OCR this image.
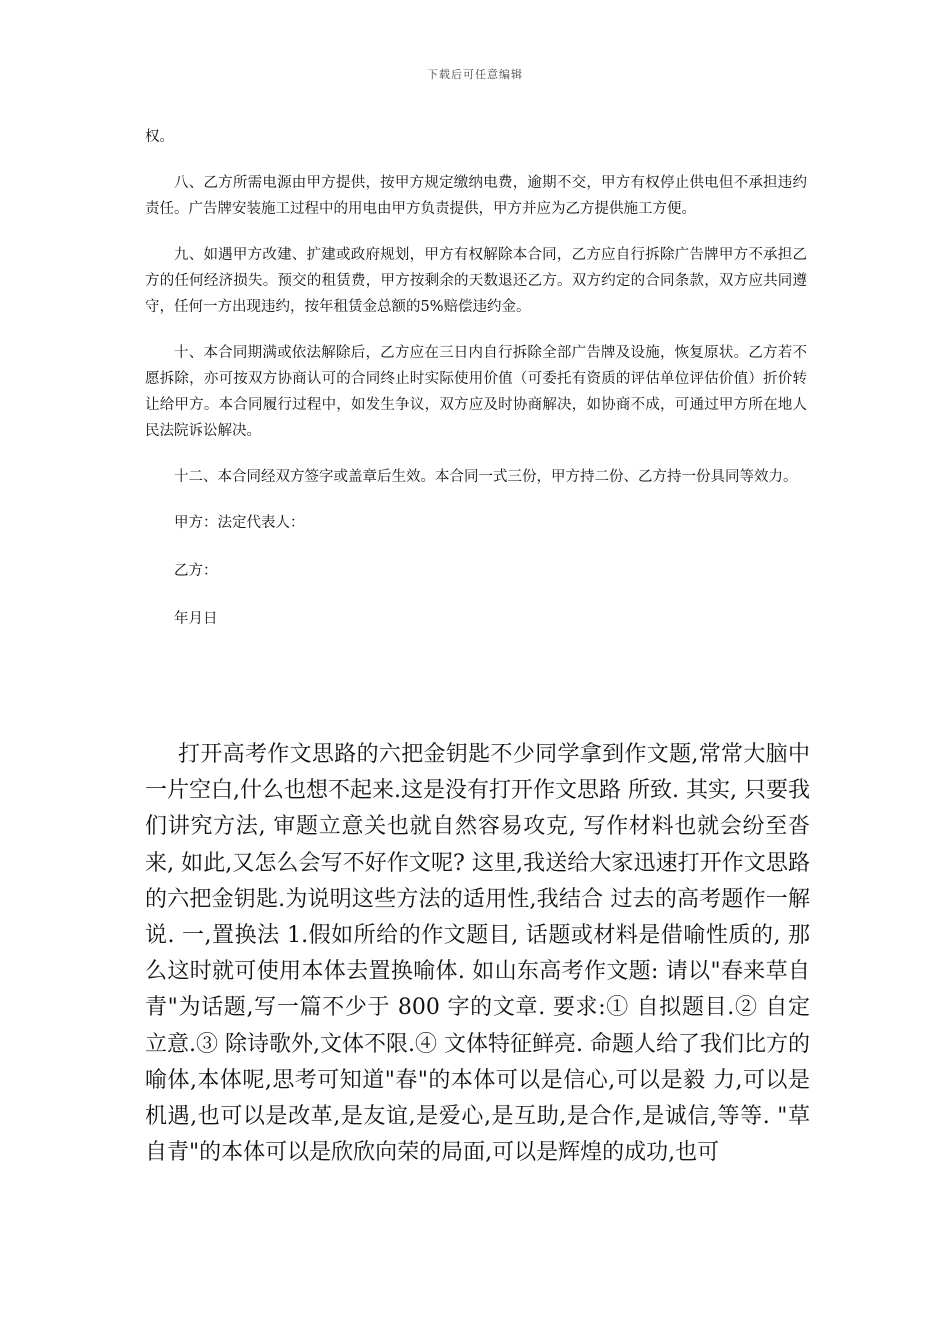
下载后可任意编辑

权。

八、乙方所需电源由甲方提供，按甲方规定缴纳电费，逾期不交，甲方有权停止供电但不承担违约责任。广告牌安装施工过程中的用电由甲方负责提供，甲方并应为乙方提供施工方便。

九、如遇甲方改建、扩建或政府规划，甲方有权解除本合同，乙方应自行拆除广告牌甲方不承担乙方的任何经济损失。预交的租赁费，甲方按剩余的天数退还乙方。双方约定的合同条款，双方应共同遵守，任何一方出现违约，按年租赁金总额的5%赔偿违约金。

十、本合同期满或依法解除后，乙方应在三日内自行拆除全部广告牌及设施，恢复原状。乙方若不愿拆除，亦可按双方协商认可的合同终止时实际使用价值（可委托有资质的评估单位评估价值）折价转让给甲方。本合同履行过程中，如发生争议，双方应及时协商解决，如协商不成，可通过甲方所在地人民法院诉讼解决。

十二、本合同经双方签字或盖章后生效。本合同一式三份，甲方持二份、乙方持一份具同等效力。

甲方：法定代表人：
乙方：
年月日
打开高考作文思路的六把金钥匙不少同学拿到作文题,常常大脑中一片空白,什么也想不起来.这是没有打开作文思路 所致. 其实, 只要我们讲究方法, 审题立意关也就自然容易攻克, 写作材料也就会纷至沓来, 如此,又怎么会写不好作文呢? 这里,我送给大家迅速打开作文思路的六把金钥匙.为说明这些方法的适用性,我结合 过去的高考题作一解说. 一,置换法 1.假如所给的作文题目, 话题或材料是借喻性质的, 那么这时就可使用本体去置换喻体. 如山东高考作文题: 请以"春来草自青"为话题,写一篇不少于 800 字的文章. 要求:① 自拟题目.② 自定立意.③ 除诗歌外,文体不限.④ 文体特征鲜亮. 命题人给了我们比方的喻体,本体呢,思考可知道"春"的本体可以是信心,可以是毅 力,可以是机遇,也可以是改革,是友谊,是爱心,是互助,是合作,是诚信,等等. "草 自青"的本体可以是欣欣向荣的局面,可以是辉煌的成功,也可
